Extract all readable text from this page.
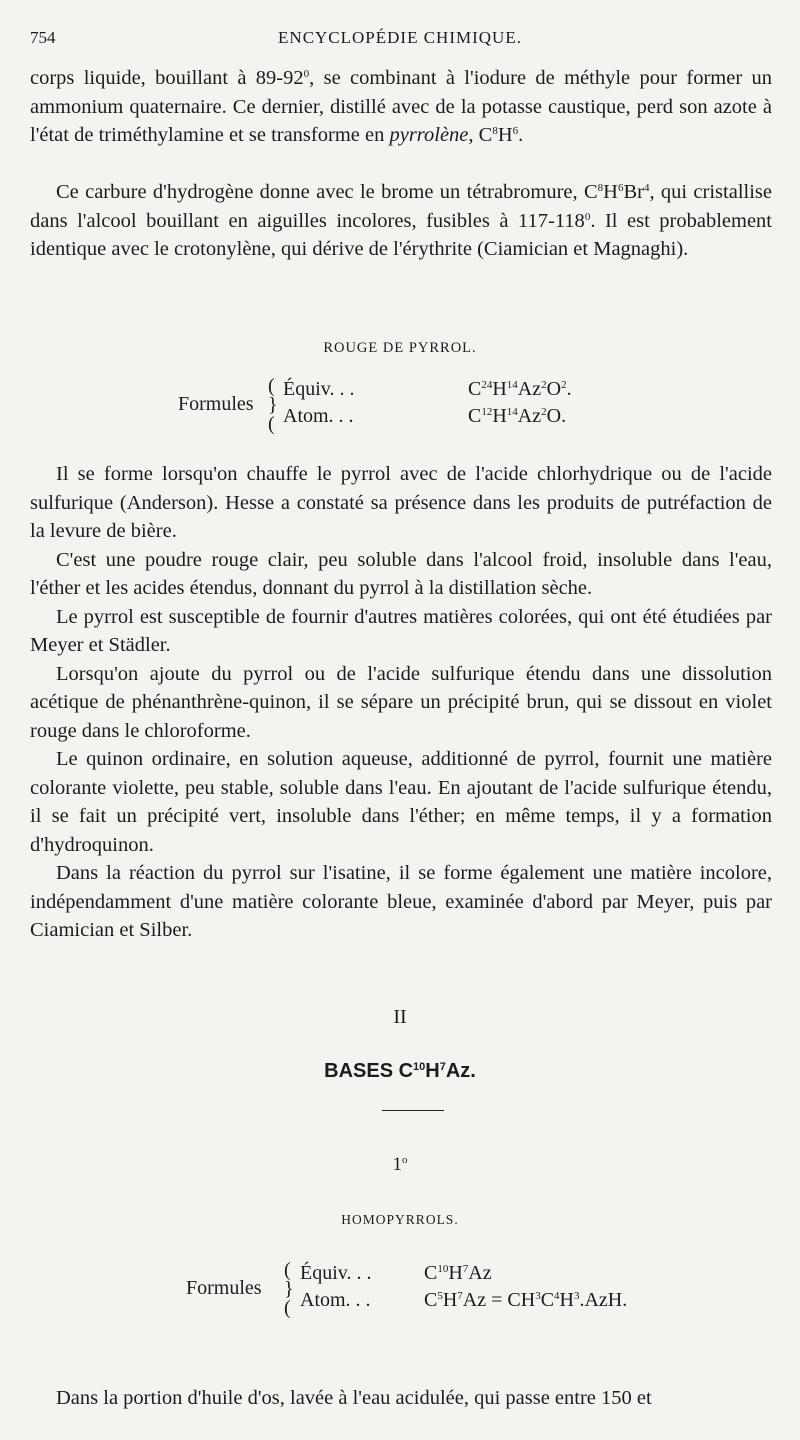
754	ENCYCLOPÉDIE CHIMIQUE.

corps liquide, bouillant à $89-92^0$, se combinant à l'iodure de méthyle pour former un ammonium quaternaire. Ce dernier, distillé avec de la potasse caustique, perd son azote à l'état de triméthylamine et se transforme en pyrrolène, $C^8H^6$.

Ce carbure d'hydrogène donne avec le brome un tétrabromure, $C^8H^6Br^4$, qui cristallise dans l'alcool bouillant en aiguilles incolores, fusibles à $117-118^0$. Il est probablement identique avec le crotonylène, qui dérive de l'érythrite (Ciamician et Magnaghi).

ROUGE DE PYRROL.
Formules
(
}
(
Équiv. . .	$C^{24}H^{14}Az^2O^2$.
Atom. . .	$C^{12}H^{14}Az^2O$.

Il se forme lorsqu'on chauffe le pyrrol avec de l'acide chlorhydrique ou de l'acide sulfurique (Anderson). Hesse a constaté sa présence dans les produits de putréfaction de la levure de bière.

C'est une poudre rouge clair, peu soluble dans l'alcool froid, insoluble dans l'eau, l'éther et les acides étendus, donnant du pyrrol à la distillation sèche.

Le pyrrol est susceptible de fournir d'autres matières colorées, qui ont été étudiées par Meyer et Städler.

Lorsqu'on ajoute du pyrrol ou de l'acide sulfurique étendu dans une dissolution acétique de phénanthrène-quinon, il se sépare un précipité brun, qui se dissout en violet rouge dans le chloroforme.

Le quinon ordinaire, en solution aqueuse, additionné de pyrrol, fournit une matière colorante violette, peu stable, soluble dans l'eau. En ajoutant de l'acide sulfurique étendu, il se fait un précipité vert, insoluble dans l'éther; en même temps, il y a formation d'hydroquinon.

Dans la réaction du pyrrol sur l'isatine, il se forme également une matière incolore, indépendamment d'une matière colorante bleue, examinée d'abord par Meyer, puis par Ciamician et Silber.

II
BASES $C^{10}H^7Az$.
1$^o$
HOMOPYRROLS.
Formules
(
}
(
Équiv. . .	$C^{10}H^7Az$
Atom. . .	$C^5H^7Az = CH^3C^4H^3.AzH$.

Dans la portion d'huile d'os, lavée à l'eau acidulée, qui passe entre 150 et
